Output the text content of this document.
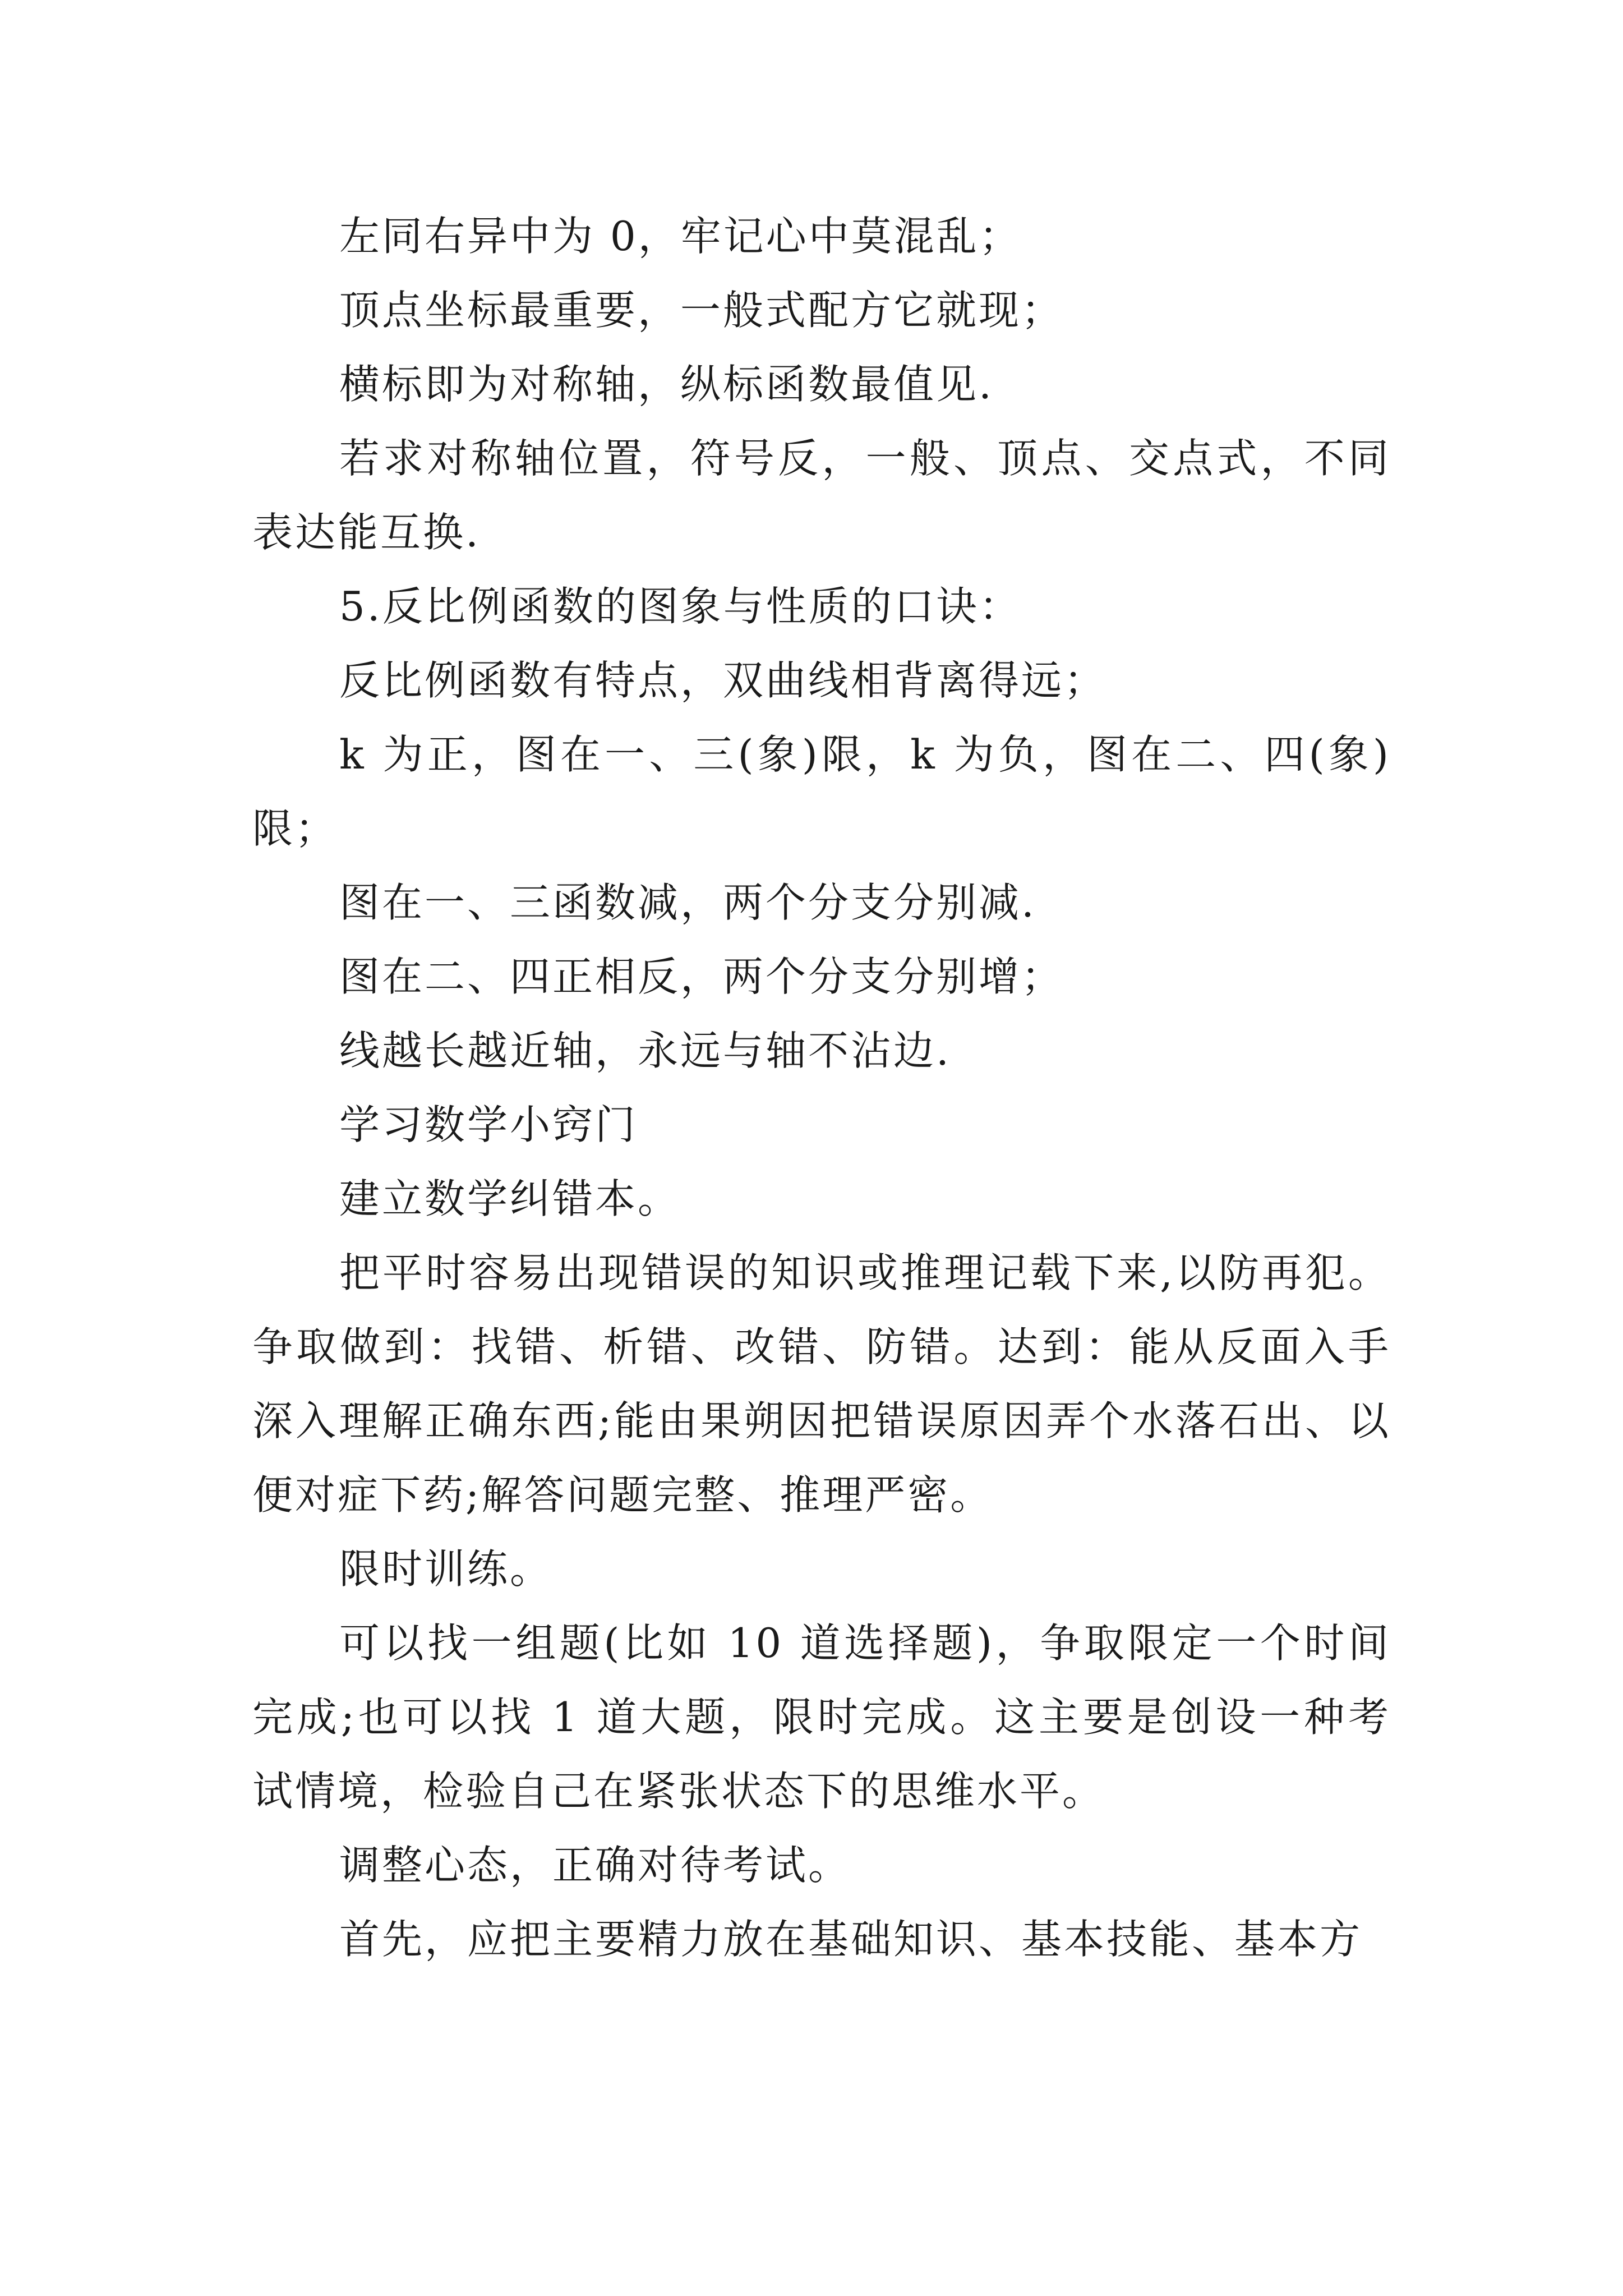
左同右异中为 0，牢记心中莫混乱；

顶点坐标最重要，一般式配方它就现；

横标即为对称轴，纵标函数最值见.

若求对称轴位置，符号反，一般、顶点、交点式，不同表达能互换.

5.反比例函数的图象与性质的口诀：

反比例函数有特点，双曲线相背离得远；

k 为正，图在一、三(象)限，k 为负，图在二、四(象)限；

图在一、三函数减，两个分支分别减.

图在二、四正相反，两个分支分别增；

线越长越近轴，永远与轴不沾边.

学习数学小窍门

建立数学纠错本。

把平时容易出现错误的知识或推理记载下来,以防再犯。争取做到：找错、析错、改错、防错。达到：能从反面入手深入理解正确东西;能由果朔因把错误原因弄个水落石出、以便对症下药;解答问题完整、推理严密。

限时训练。

可以找一组题(比如 10 道选择题)，争取限定一个时间完成;也可以找 1 道大题，限时完成。这主要是创设一种考试情境，检验自己在紧张状态下的思维水平。

调整心态，正确对待考试。

首先，应把主要精力放在基础知识、基本技能、基本方
